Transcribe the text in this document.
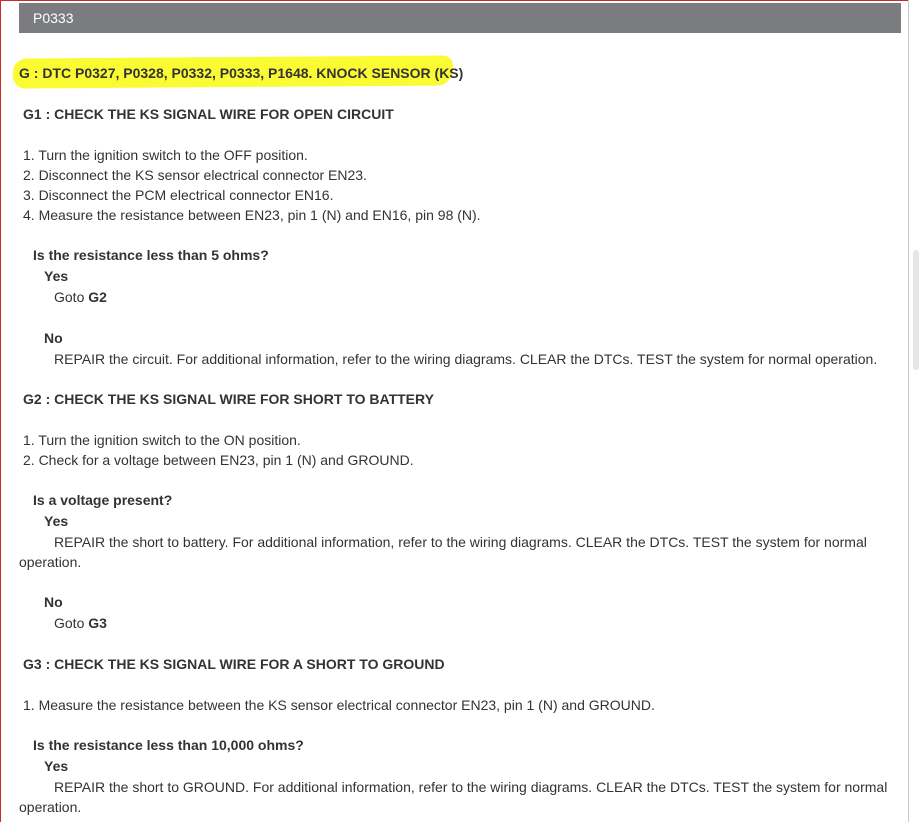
P0333
G : DTC P0327, P0328, P0332, P0333, P1648. KNOCK SENSOR (KS)
G1 : CHECK THE KS SIGNAL WIRE FOR OPEN CIRCUIT
1. Turn the ignition switch to the OFF position.
2. Disconnect the KS sensor electrical connector EN23.
3. Disconnect the PCM electrical connector EN16.
4. Measure the resistance between EN23, pin 1 (N) and EN16, pin 98 (N).
Is the resistance less than 5 ohms?
Yes
Goto G2
No
REPAIR the circuit. For additional information, refer to the wiring diagrams. CLEAR the DTCs. TEST the system for normal operation.
G2 : CHECK THE KS SIGNAL WIRE FOR SHORT TO BATTERY
1. Turn the ignition switch to the ON position.
2. Check for a voltage between EN23, pin 1 (N) and GROUND.
Is a voltage present?
Yes
REPAIR the short to battery. For additional information, refer to the wiring diagrams. CLEAR the DTCs. TEST the system for normal operation.
No
Goto G3
G3 : CHECK THE KS SIGNAL WIRE FOR A SHORT TO GROUND
1. Measure the resistance between the KS sensor electrical connector EN23, pin 1 (N) and GROUND.
Is the resistance less than 10,000 ohms?
Yes
REPAIR the short to GROUND. For additional information, refer to the wiring diagrams. CLEAR the DTCs. TEST the system for normal operation.
